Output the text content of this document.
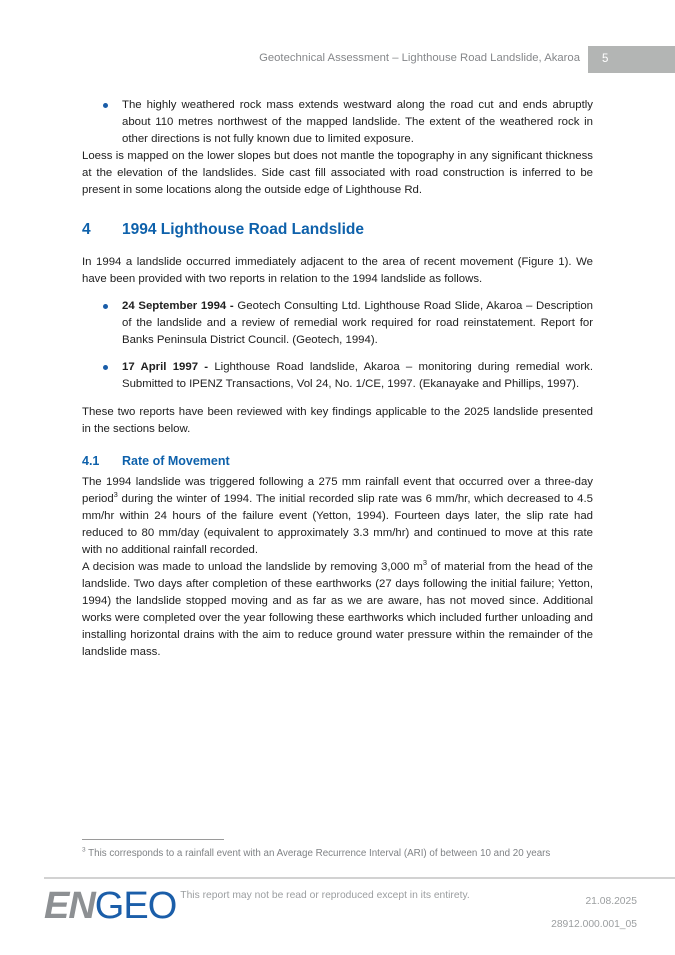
Geotechnical Assessment – Lighthouse Road Landslide, Akaroa	5

The highly weathered rock mass extends westward along the road cut and ends abruptly about 110 metres northwest of the mapped landslide. The extent of the weathered rock in other directions is not fully known due to limited exposure.

Loess is mapped on the lower slopes but does not mantle the topography in any significant thickness at the elevation of the landslides. Side cast fill associated with road construction is inferred to be present in some locations along the outside edge of Lighthouse Rd.

4	1994 Lighthouse Road Landslide

In 1994 a landslide occurred immediately adjacent to the area of recent movement (Figure 1). We have been provided with two reports in relation to the 1994 landslide as follows.

24 September 1994 - Geotech Consulting Ltd. Lighthouse Road Slide, Akaroa – Description of the landslide and a review of remedial work required for road reinstatement. Report for Banks Peninsula District Council. (Geotech, 1994).

17 April 1997 - Lighthouse Road landslide, Akaroa – monitoring during remedial work. Submitted to IPENZ Transactions, Vol 24, No. 1/CE, 1997. (Ekanayake and Phillips, 1997).

These two reports have been reviewed with key findings applicable to the 2025 landslide presented in the sections below.

4.1	Rate of Movement

The 1994 landslide was triggered following a 275 mm rainfall event that occurred over a three-day period$^3$ during the winter of 1994. The initial recorded slip rate was 6 mm/hr, which decreased to 4.5 mm/hr within 24 hours of the failure event (Yetton, 1994). Fourteen days later, the slip rate had reduced to 80 mm/day (equivalent to approximately 3.3 mm/hr) and continued to move at this rate with no additional rainfall recorded.

A decision was made to unload the landslide by removing 3,000 $m^3$ of material from the head of the landslide. Two days after completion of these earthworks (27 days following the initial failure; Yetton, 1994) the landslide stopped moving and as far as we are aware, has not moved since. Additional works were completed over the year following these earthworks which included further unloading and installing horizontal drains with the aim to reduce ground water pressure within the remainder of the landslide mass.

$^3$ This corresponds to a rainfall event with an Average Recurrence Interval (ARI) of between 10 and 20 years
ENGEO This report may not be read or reproduced except in its entirety.
21.08.2025
28912.000.001_05
